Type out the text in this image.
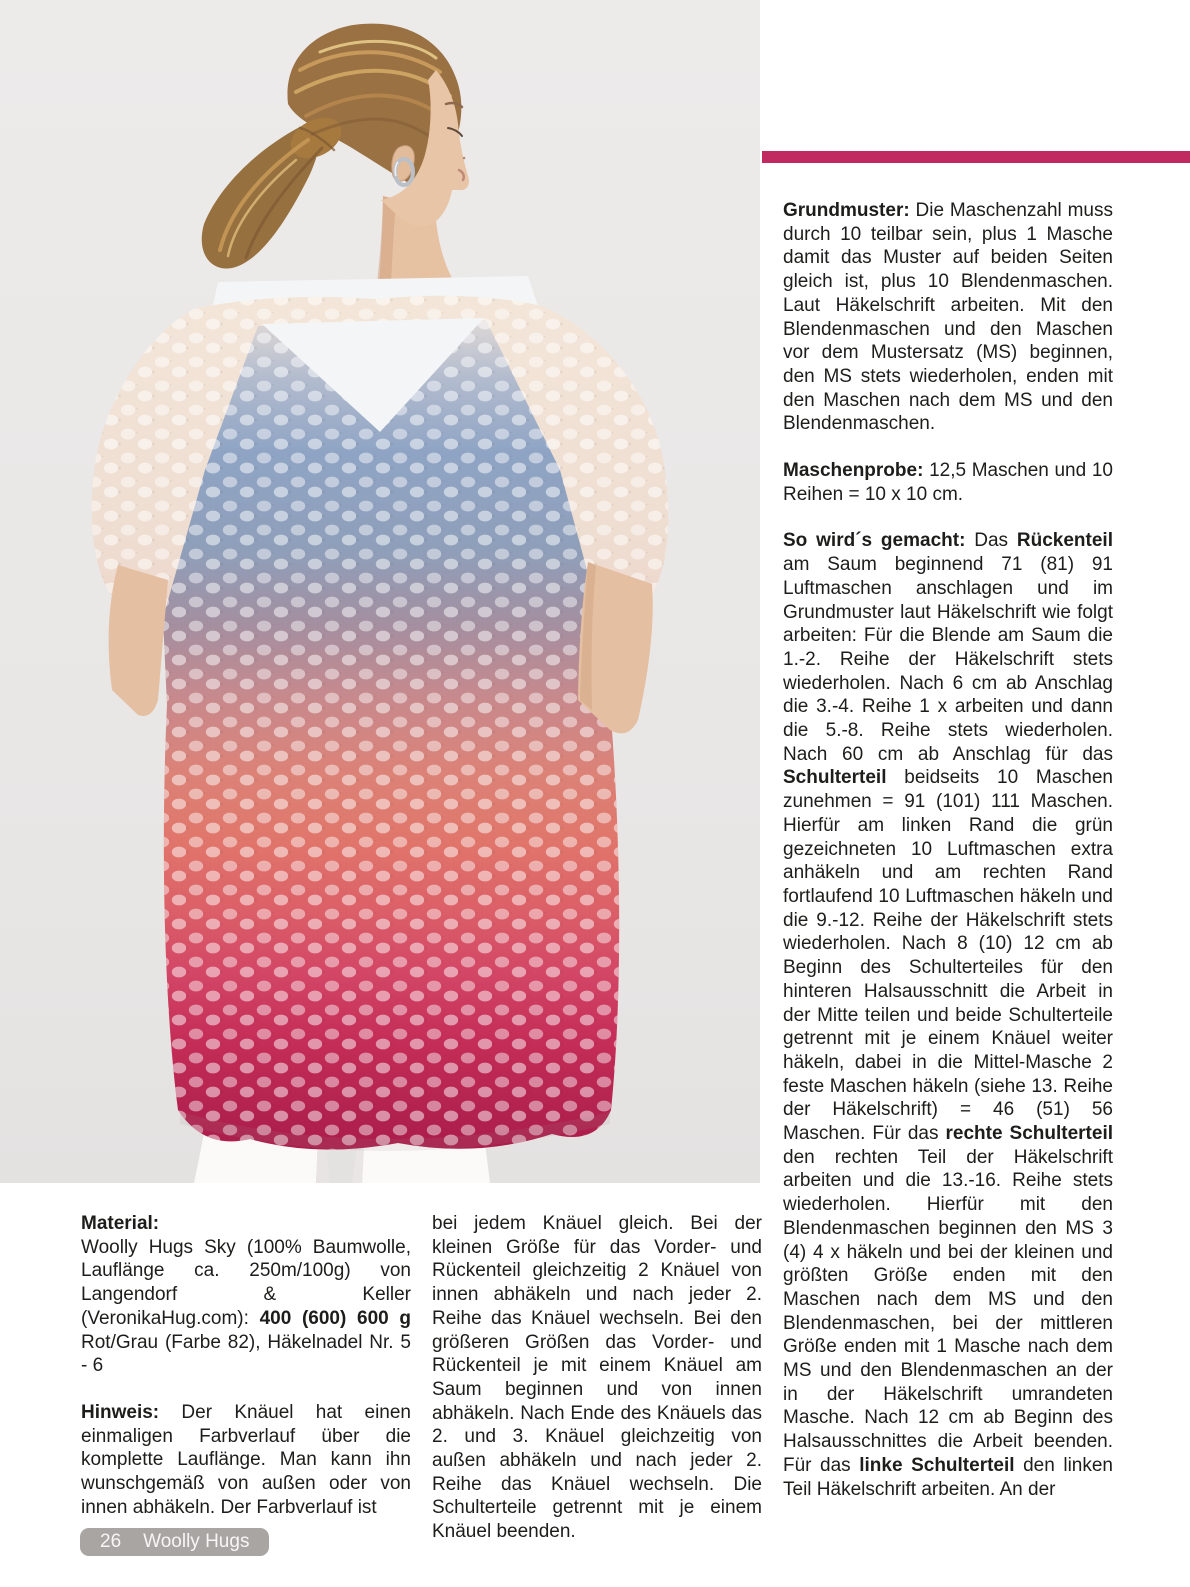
Grundmuster: Die Maschenzahl muss durch 10 teilbar sein, plus 1 Masche damit das Muster auf beiden Seiten gleich ist, plus 10 Blendenmaschen. Laut Häkelschrift arbeiten. Mit den Blendenmaschen und den Maschen vor dem Mustersatz (MS) beginnen, den MS stets wiederholen, enden mit den Maschen nach dem MS und den Blendenmaschen.

Maschenprobe: 12,5 Maschen und 10 Reihen = 10 x 10 cm.

So wird´s gemacht: Das Rückenteil am Saum beginnend 71 (81) 91 Luftmaschen anschlagen und im Grundmuster laut Häkelschrift wie folgt arbeiten: Für die Blende am Saum die 1.-2. Reihe der Häkelschrift stets wiederholen. Nach 6 cm ab Anschlag die 3.-4. Reihe 1 x arbeiten und dann die 5.-8. Reihe stets wiederholen. Nach 60 cm ab Anschlag für das Schulterteil beidseits 10 Maschen zunehmen = 91 (101) 111 Maschen. Hierfür am linken Rand die grün gezeichneten 10 Luftmaschen extra anhäkeln und am rechten Rand fortlaufend 10 Luftmaschen häkeln und die 9.-12. Reihe der Häkelschrift stets wiederholen. Nach 8 (10) 12 cm ab Beginn des Schulterteiles für den hinteren Halsausschnitt die Arbeit in der Mitte teilen und beide Schulterteile getrennt mit je einem Knäuel weiter häkeln, dabei in die Mittel-Masche 2 feste Maschen häkeln (siehe 13. Reihe der Häkelschrift) = 46 (51) 56 Maschen. Für das rechte Schulterteil den rechten Teil der Häkelschrift arbeiten und die 13.-16. Reihe stets wiederholen. Hierfür mit den Blendenmaschen beginnen den MS 3 (4) 4 x häkeln und bei der kleinen und größten Größe enden mit den Maschen nach dem MS und den Blendenmaschen, bei der mittleren Größe enden mit 1 Masche nach dem MS und den Blendenmaschen an der in der Häkelschrift umrandeten Masche. Nach 12 cm ab Beginn des Halsausschnittes die Arbeit beenden. Für das linke Schulterteil den linken Teil Häkelschrift arbeiten. An der

Material:

Woolly Hugs Sky (100% Baumwolle, Lauflänge ca. 250m/100g) von Langendorf & Keller (VeronikaHug.com): 400 (600) 600 g Rot/Grau (Farbe 82), Häkelnadel Nr. 5 - 6

Hinweis: Der Knäuel hat einen einmaligen Farbverlauf über die komplette Lauflänge. Man kann ihn wunschgemäß von außen oder von innen abhäkeln. Der Farbverlauf ist

bei jedem Knäuel gleich. Bei der kleinen Größe für das Vorder- und Rückenteil gleichzeitig 2 Knäuel von innen abhäkeln und nach jeder 2. Reihe das Knäuel wechseln. Bei den größeren Größen das Vorder- und Rückenteil je mit einem Knäuel am Saum beginnen und von innen abhäkeln. Nach Ende des Knäuels das 2. und 3. Knäuel gleichzeitig von außen abhäkeln und nach jeder 2. Reihe das Knäuel wechseln. Die Schulterteile getrennt mit je einem Knäuel beenden.

26 Woolly Hugs
